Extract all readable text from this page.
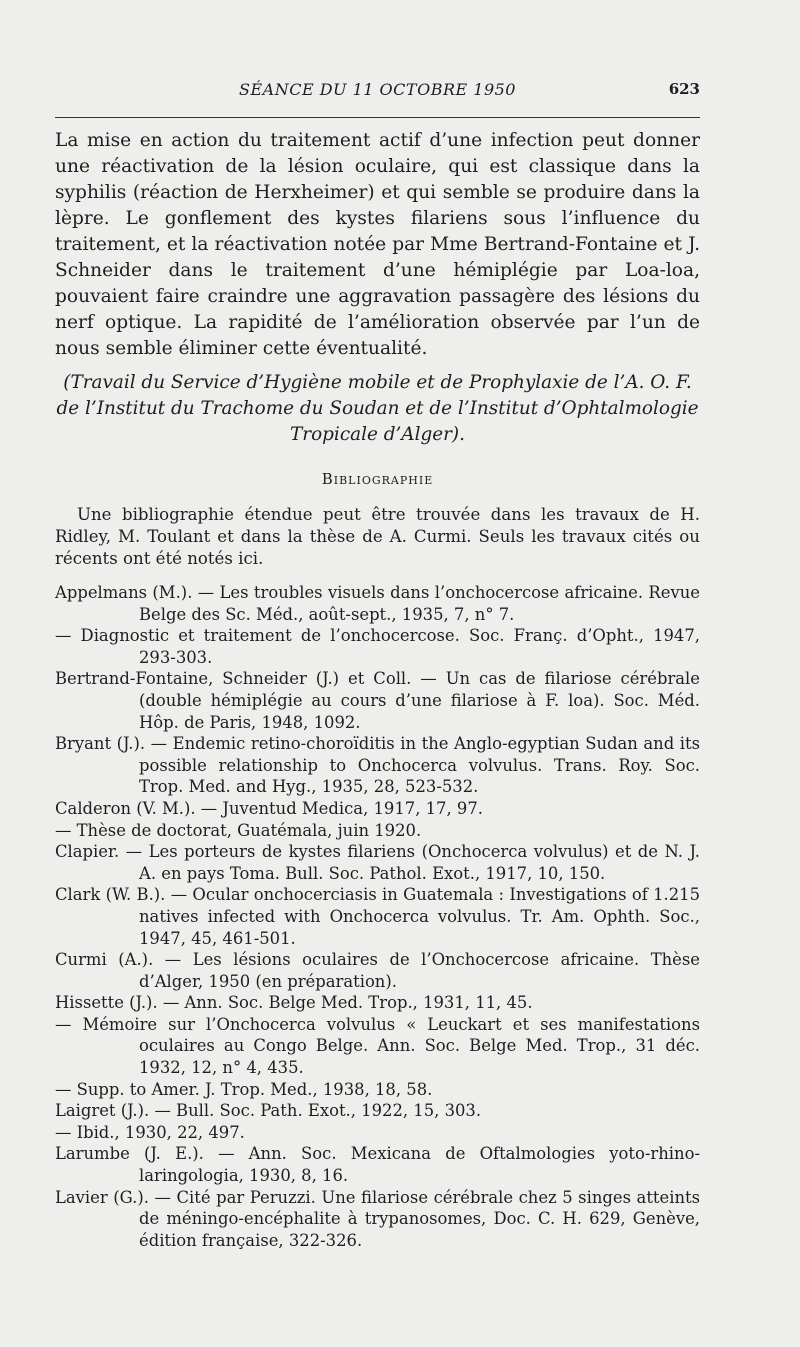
SÉANCE DU 11 OCTOBRE 1950	623

La mise en action du traitement actif d’une infection peut donner une réactivation de la lésion oculaire, qui est classique dans la syphilis (réaction de Herxheimer) et qui semble se produire dans la lèpre. Le gonflement des kystes filariens sous l’influence du traitement, et la réactivation notée par Mme Bertrand-Fontaine et J. Schneider dans le traitement d’une hémiplégie par Loa-loa, pouvaient faire craindre une aggravation passagère des lésions du nerf optique. La rapidité de l’amélioration observée par l’un de nous semble éliminer cette éventualité.

(Travail du Service d’Hygiène mobile et de Prophylaxie de l’A. O. F. de l’Institut du Trachome du Soudan et de l’Institut d’Ophtalmologie Tropicale d’Alger).

Bibliographie

Une bibliographie étendue peut être trouvée dans les travaux de H. Ridley, M. Toulant et dans la thèse de A. Curmi. Seuls les travaux cités ou récents ont été notés ici.

Appelmans (M.). — Les troubles visuels dans l’onchocercose africaine. Revue Belge des Sc. Méd., août-sept., 1935, 7, n° 7.
— Diagnostic et traitement de l’onchocercose. Soc. Franç. d’Opht., 1947, 293-303.
Bertrand-Fontaine, Schneider (J.) et Coll. — Un cas de filariose cérébrale (double hémiplégie au cours d’une filariose à F. loa). Soc. Méd. Hôp. de Paris, 1948, 1092.
Bryant (J.). — Endemic retino-choroïditis in the Anglo-egyptian Sudan and its possible relationship to Onchocerca volvulus. Trans. Roy. Soc. Trop. Med. and Hyg., 1935, 28, 523-532.
Calderon (V. M.). — Juventud Medica, 1917, 17, 97.
— Thèse de doctorat, Guatémala, juin 1920.
Clapier. — Les porteurs de kystes filariens (Onchocerca volvulus) et de N. J. A. en pays Toma. Bull. Soc. Pathol. Exot., 1917, 10, 150.
Clark (W. B.). — Ocular onchocerciasis in Guatemala : Investigations of 1.215 natives infected with Onchocerca volvulus. Tr. Am. Ophth. Soc., 1947, 45, 461-501.
Curmi (A.). — Les lésions oculaires de l’Onchocercose africaine. Thèse d’Alger, 1950 (en préparation).
Hissette (J.). — Ann. Soc. Belge Med. Trop., 1931, 11, 45.
— Mémoire sur l’Onchocerca volvulus « Leuckart et ses manifestations oculaires au Congo Belge. Ann. Soc. Belge Med. Trop., 31 déc. 1932, 12, n° 4, 435.
— Supp. to Amer. J. Trop. Med., 1938, 18, 58.
Laigret (J.). — Bull. Soc. Path. Exot., 1922, 15, 303.
— Ibid., 1930, 22, 497.
Larumbe (J. E.). — Ann. Soc. Mexicana de Oftalmologies yoto-rhino-laringologia, 1930, 8, 16.
Lavier (G.). — Cité par Peruzzi. Une filariose cérébrale chez 5 singes atteints de méningo-encéphalite à trypanosomes, Doc. C. H. 629, Genève, édition française, 322-326.
